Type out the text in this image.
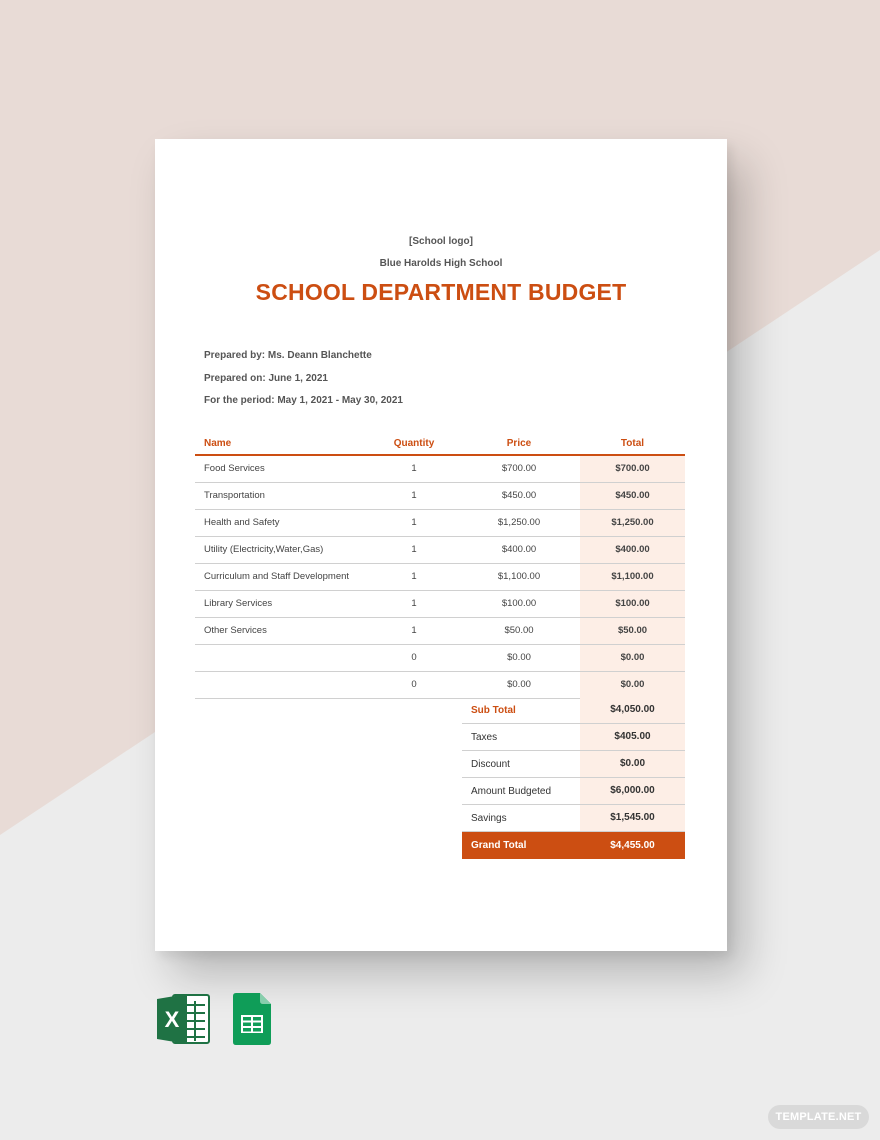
[School logo]
Blue Harolds High School
SCHOOL DEPARTMENT BUDGET
Prepared by: Ms. Deann Blanchette
Prepared on: June 1, 2021
For the period: May 1, 2021 - May 30, 2021
Name	Quantity	Price	Total
Food Services	1	$700.00	$700.00
Transportation	1	$450.00	$450.00
Health and Safety	1	$1,250.00	$1,250.00
Utility (Electricity,Water,Gas)	1	$400.00	$400.00
Curriculum and Staff Development	1	$1,100.00	$1,100.00
Library Services	1	$100.00	$100.00
Other Services	1	$50.00	$50.00
	0	$0.00	$0.00
	0	$0.00	$0.00
Sub Total	$4,050.00
Taxes	$405.00
Discount	$0.00
Amount Budgeted	$6,000.00
Savings	$1,545.00
Grand Total	$4,455.00
X
TEMPLATE.NET
